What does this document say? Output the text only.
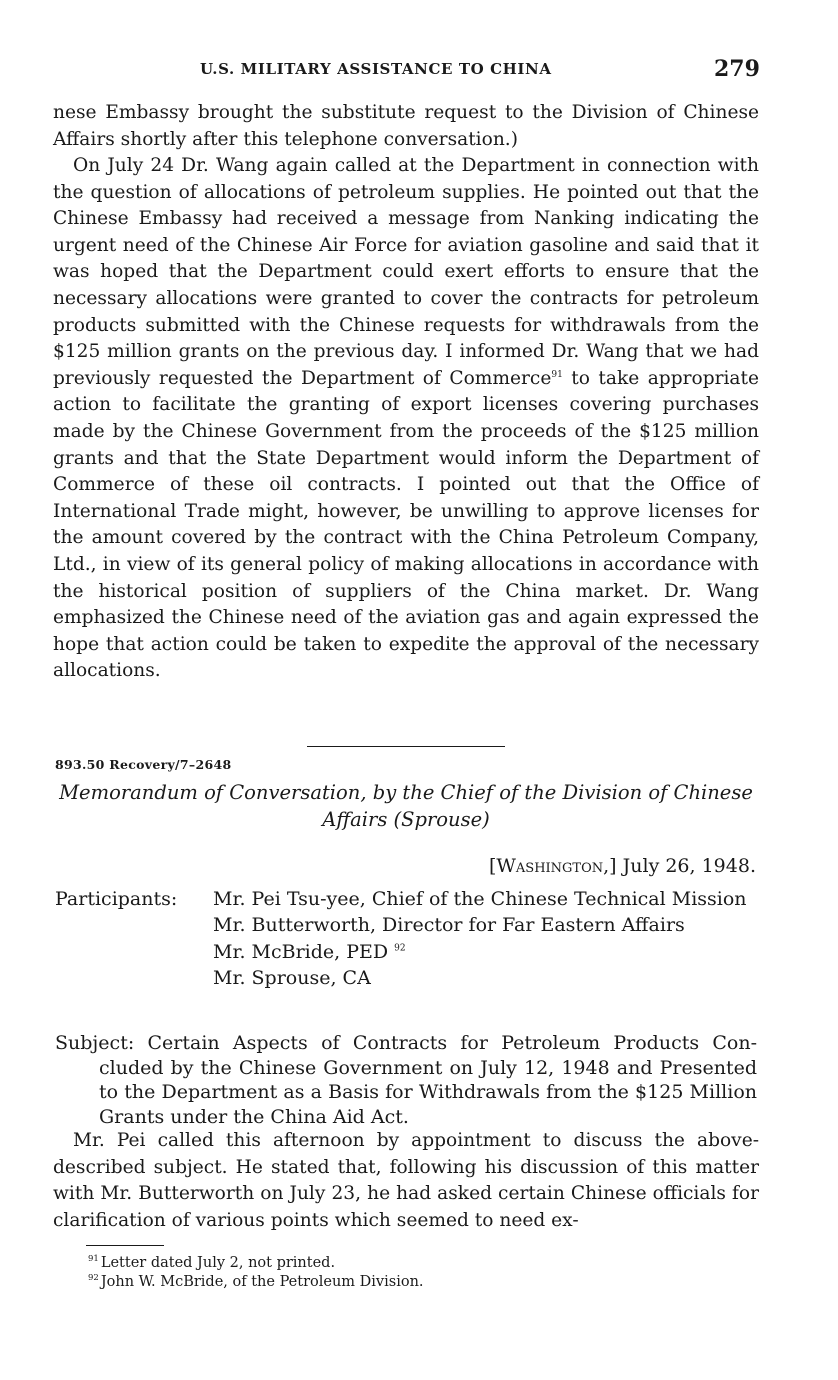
U.S. MILITARY ASSISTANCE TO CHINA	279

nese Embassy brought the substitute request to the Division of Chinese Affairs shortly after this telephone conversation.)

On July 24 Dr. Wang again called at the Department in connection with the question of allocations of petroleum supplies. He pointed out that the Chinese Embassy had received a message from Nanking indicating the urgent need of the Chinese Air Force for aviation gasoline and said that it was hoped that the Department could exert efforts to ensure that the necessary allocations were granted to cover the contracts for petroleum products submitted with the Chinese requests for withdrawals from the $125 million grants on the previous day. I informed Dr. Wang that we had previously requested the Department of Commerce$^{91}$ to take appropriate action to facilitate the granting of export licenses covering purchases made by the Chinese Government from the proceeds of the $125 million grants and that the State Department would inform the Department of Commerce of these oil contracts. I pointed out that the Office of International Trade might, however, be unwilling to approve licenses for the amount covered by the contract with the China Petroleum Company, Ltd., in view of its general policy of making allocations in accordance with the historical position of suppliers of the China market. Dr. Wang emphasized the Chinese need of the aviation gas and again expressed the hope that action could be taken to expedite the approval of the necessary allocations.

893.50 Recovery/7–2648

Memorandum of Conversation, by the Chief of the Division of Chinese Affairs (Sprouse)

[Washington,] July 26, 1948.
Participants: Mr. Pei Tsu-yee, Chief of the Chinese Technical Mission
Mr. Butterworth, Director for Far Eastern Affairs
Mr. McBride, PED $^{92}$
Mr. Sprouse, CA

Subject: Certain Aspects of Contracts for Petroleum Products Concluded by the Chinese Government on July 12, 1948 and Presented to the Department as a Basis for Withdrawals from the $125 Million Grants under the China Aid Act.

Mr. Pei called this afternoon by appointment to discuss the abovedescribed subject. He stated that, following his discussion of this matter with Mr. Butterworth on July 23, he had asked certain Chinese officials for clarification of various points which seemed to need ex-

$^{91}$ Letter dated July 2, not printed.
$^{92}$ John W. McBride, of the Petroleum Division.
